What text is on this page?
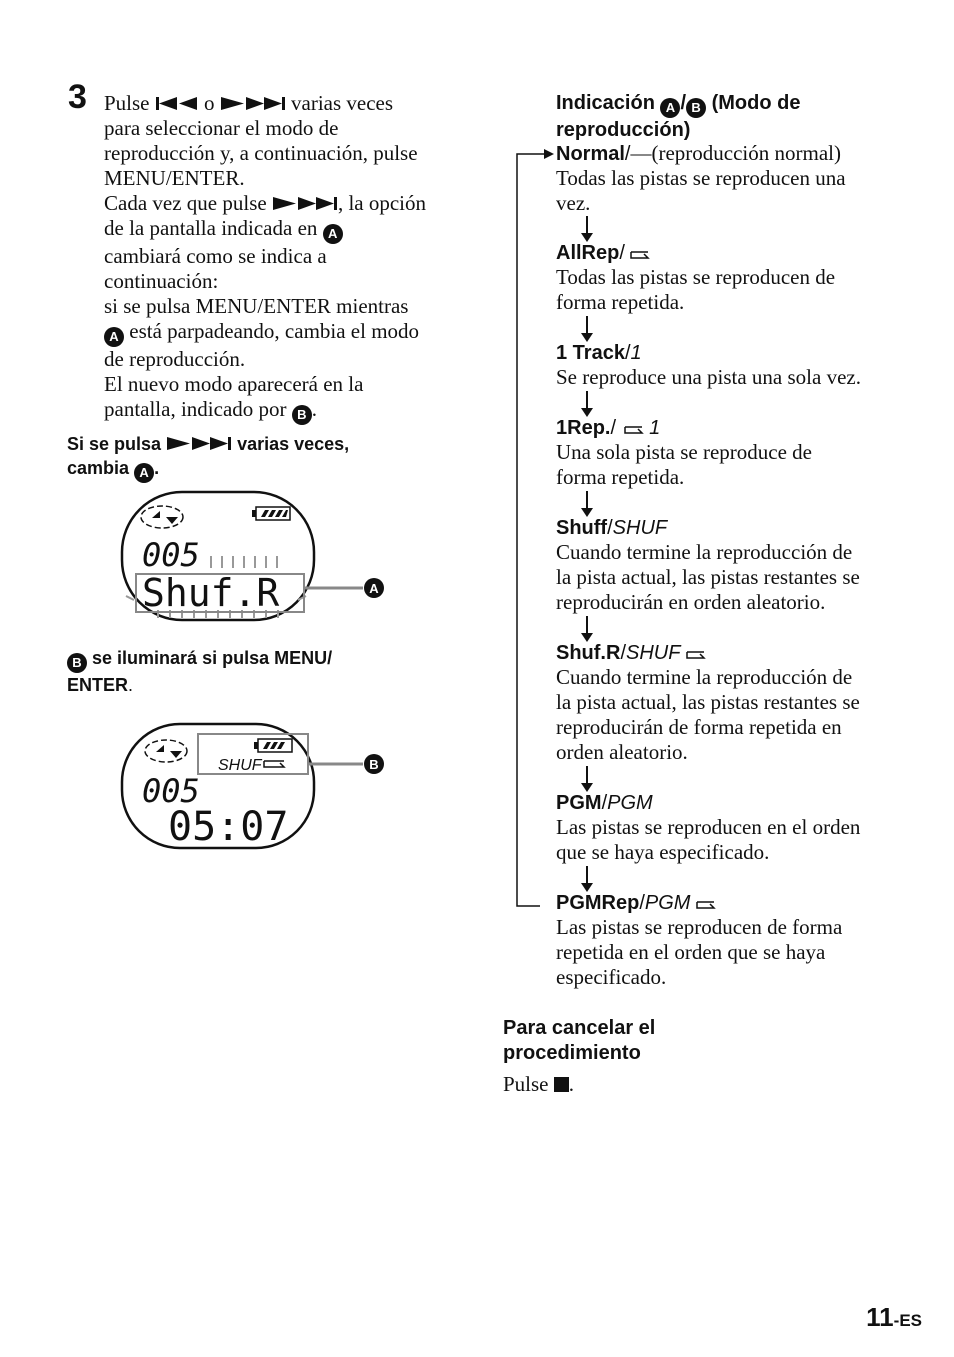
3 Pulse	o	varias veces
para seleccionar el modo de
reproducción y, a continuación, pulse
MENU/ENTER.
Cada vez que pulse	, la opción
de la pantalla indicada en A
cambiará como se indica a
continuación:
si se pulsa MENU/ENTER mientras
A está parpadeando, cambia el modo
de reproducción.
El nuevo modo aparecerá en la
pantalla, indicado por B .
Si se pulsa	varias veces,
cambia A .
005
Shuf.R	A
B se iluminará si pulsa MENU/
ENTER.
SHUF	B
005
05:07
Indicación A / B (Modo de
reproducción)
Normal/—(reproducción normal)
Todas las pistas se reproducen una
vez.
AllRep/
Todas las pistas se reproducen de
forma repetida.
1 Track/1
Se reproduce una pista una sola vez.
1Rep./ 1
Una sola pista se reproduce de
forma repetida.
Shuff/SHUF
Cuando termine la reproducción de
la pista actual, las pistas restantes se
reproducirán en orden aleatorio.
Shuf.R/SHUF
Cuando termine la reproducción de
la pista actual, las pistas restantes se
reproducirán de forma repetida en
orden aleatorio.
PGM/PGM
Las pistas se reproducen en el orden
que se haya especificado.
PGMRep/PGM
Las pistas se reproducen de forma
repetida en el orden que se haya
especificado.
Para cancelar el
procedimiento
Pulse .
11-ES
